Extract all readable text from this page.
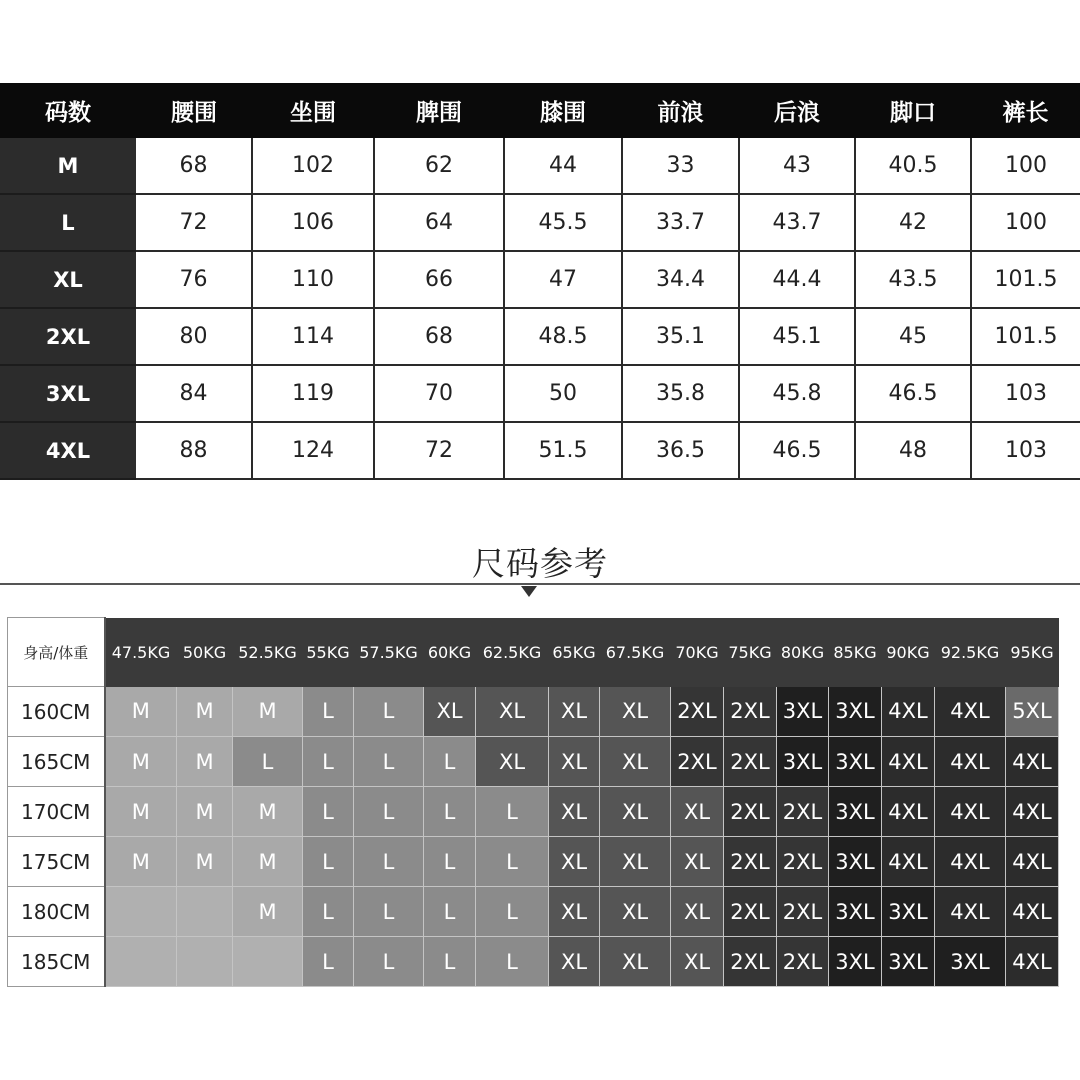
码数	腰围	坐围	脾围	膝围	前浪	后浪	脚口	裤长
M	68	102	62	44	33	43	40.5	100
L	72	106	64	45.5	33.7	43.7	42	100
XL	76	110	66	47	34.4	44.4	43.5	101.5
2XL	80	114	68	48.5	35.1	45.1	45	101.5
3XL	84	119	70	50	35.8	45.8	46.5	103
4XL	88	124	72	51.5	36.5	46.5	48	103
尺码参考
身高/体重	47.5KG	50KG	52.5KG	55KG	57.5KG	60KG	62.5KG	65KG	67.5KG	70KG	75KG	80KG	85KG	90KG	92.5KG	95KG
160CM	M	M	M	L	L	XL	XL	XL	XL	2XL	2XL	3XL	3XL	4XL	4XL	5XL
165CM	M	M	L	L	L	L	XL	XL	XL	2XL	2XL	3XL	3XL	4XL	4XL	4XL
170CM	M	M	M	L	L	L	L	XL	XL	XL	2XL	2XL	3XL	4XL	4XL	4XL
175CM	M	M	M	L	L	L	L	XL	XL	XL	2XL	2XL	3XL	4XL	4XL	4XL
180CM			M	L	L	L	L	XL	XL	XL	2XL	2XL	3XL	3XL	4XL	4XL
185CM				L	L	L	L	XL	XL	XL	2XL	2XL	3XL	3XL	3XL	4XL
